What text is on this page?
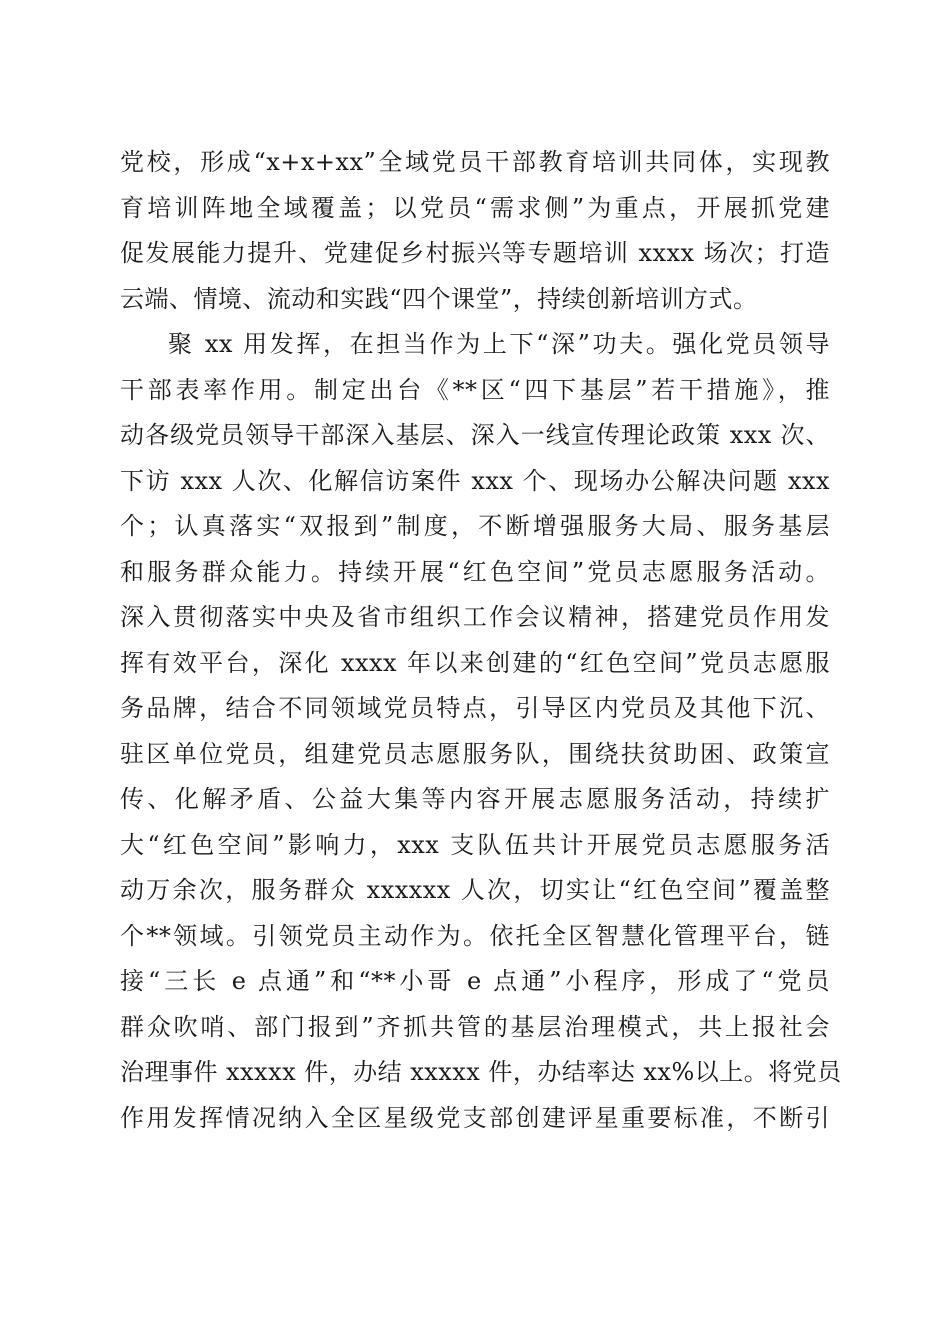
党校，形成“x+x+xx”全域党员干部教育培训共同体，实现教
育培训阵地全域覆盖；以党员“需求侧”为重点，开展抓党建
促发展能力提升、党建促乡村振兴等专题培训 xxxx 场次；打造
云端、情境、流动和实践“四个课堂”，持续创新培训方式。
聚 xx 用发挥，在担当作为上下“深”功夫。强化党员领导
干部表率作用。制定出台《**区“四下基层”若干措施》，推
动各级党员领导干部深入基层、深入一线宣传理论政策 xxx 次、
下访 xxx 人次、化解信访案件 xxx 个、现场办公解决问题 xxx
个；认真落实“双报到”制度，不断增强服务大局、服务基层
和服务群众能力。持续开展“红色空间”党员志愿服务活动。
深入贯彻落实中央及省市组织工作会议精神，搭建党员作用发
挥有效平台，深化 xxxx 年以来创建的“红色空间”党员志愿服
务品牌，结合不同领域党员特点，引导区内党员及其他下沉、
驻区单位党员，组建党员志愿服务队，围绕扶贫助困、政策宣
传、化解矛盾、公益大集等内容开展志愿服务活动，持续扩
大“红色空间”影响力，xxx 支队伍共计开展党员志愿服务活
动万余次，服务群众 xxxxxx 人次，切实让“红色空间”覆盖整
个**领域。引领党员主动作为。依托全区智慧化管理平台，链
接“三长 e 点通”和“**小哥 e 点通”小程序，形成了“党员
群众吹哨、部门报到”齐抓共管的基层治理模式，共上报社会
治理事件 xxxxx 件，办结 xxxxx 件，办结率达 xx%以上。将党员
作用发挥情况纳入全区星级党支部创建评星重要标准，不断引
